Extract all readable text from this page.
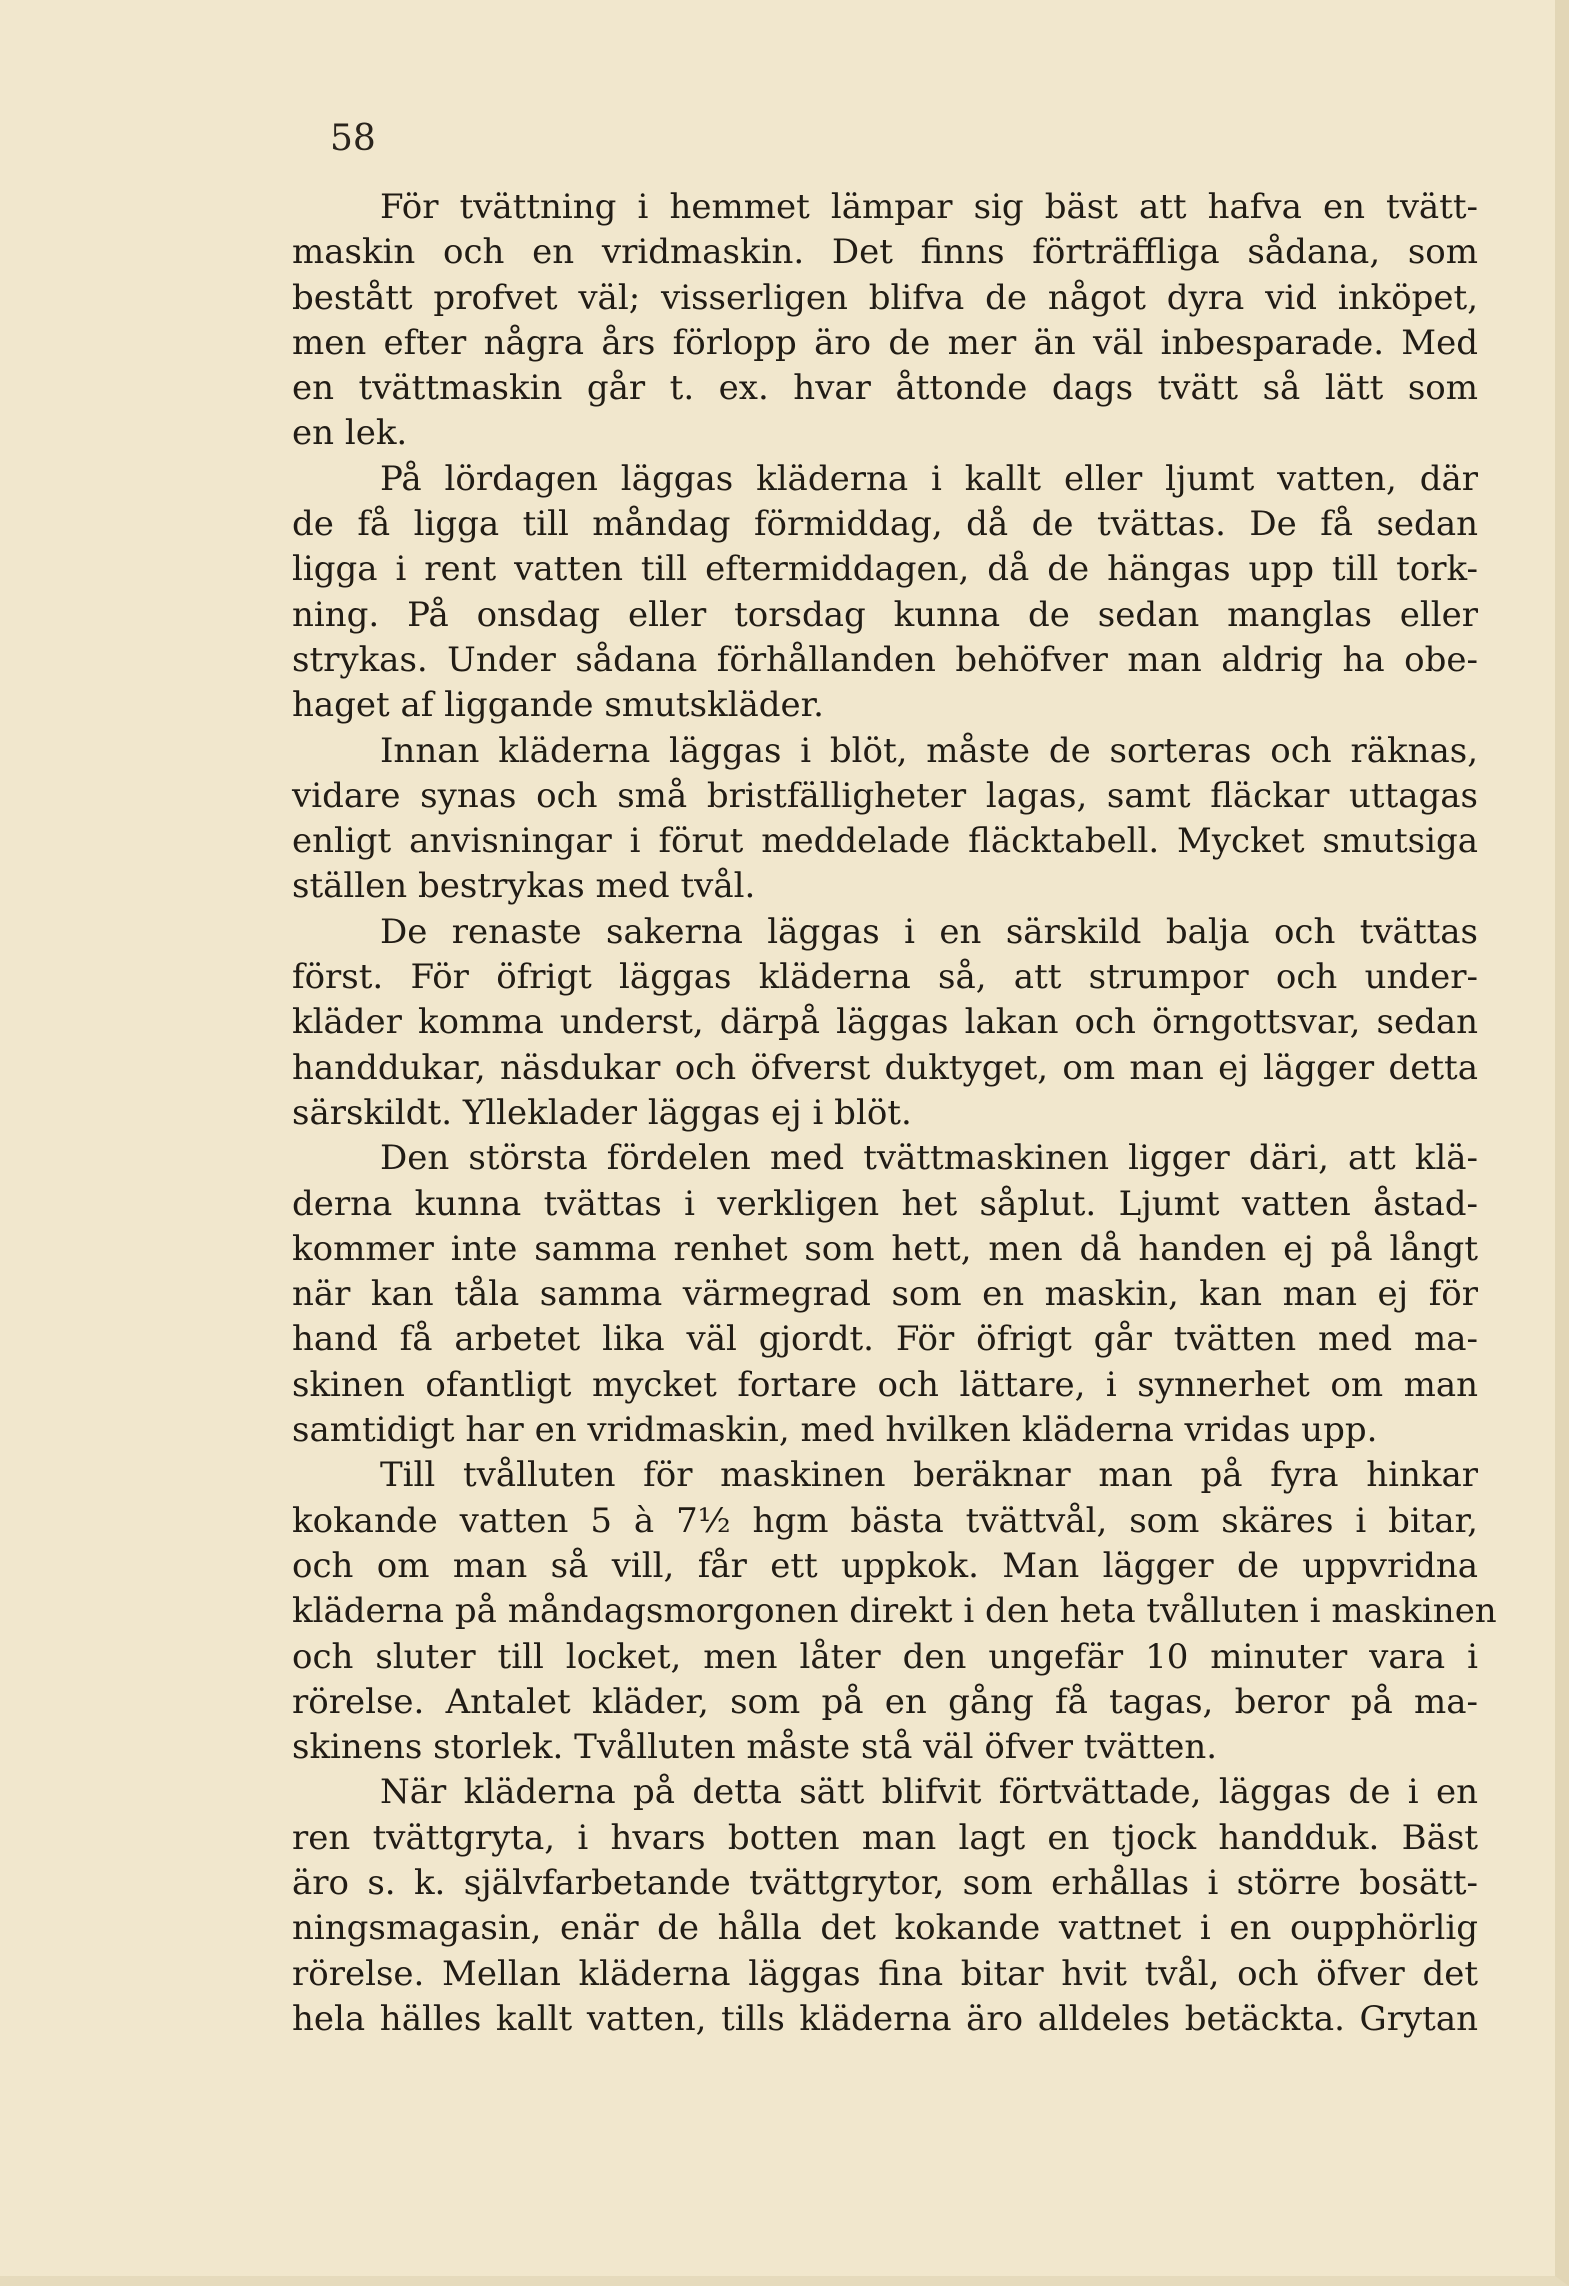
58

För tvättning i hemmet lämpar sig bäst att hafva en tvätt-
maskin och en vridmaskin. Det finns förträffliga sådana, som
bestått profvet väl; visserligen blifva de något dyra vid inköpet,
men efter några års förlopp äro de mer än väl inbesparade. Med
en tvättmaskin går t. ex. hvar åttonde dags tvätt så lätt som
en lek.

På lördagen läggas kläderna i kallt eller ljumt vatten, där
de få ligga till måndag förmiddag, då de tvättas. De få sedan
ligga i rent vatten till eftermiddagen, då de hängas upp till tork-
ning. På onsdag eller torsdag kunna de sedan manglas eller
strykas. Under sådana förhållanden behöfver man aldrig ha obe-
haget af liggande smutskläder.

Innan kläderna läggas i blöt, måste de sorteras och räknas,
vidare synas och små bristfälligheter lagas, samt fläckar uttagas
enligt anvisningar i förut meddelade fläcktabell. Mycket smutsiga
ställen bestrykas med tvål.

De renaste sakerna läggas i en särskild balja och tvättas
först. För öfrigt läggas kläderna så, att strumpor och under-
kläder komma underst, därpå läggas lakan och örngottsvar, sedan
handdukar, näsdukar och öfverst duktyget, om man ej lägger detta
särskildt. Ylleklader läggas ej i blöt.

Den största fördelen med tvättmaskinen ligger däri, att klä-
derna kunna tvättas i verkligen het såplut. Ljumt vatten åstad-
kommer inte samma renhet som hett, men då handen ej på långt
när kan tåla samma värmegrad som en maskin, kan man ej för
hand få arbetet lika väl gjordt. För öfrigt går tvätten med ma-
skinen ofantligt mycket fortare och lättare, i synnerhet om man
samtidigt har en vridmaskin, med hvilken kläderna vridas upp.

Till tvålluten för maskinen beräknar man på fyra hinkar
kokande vatten 5 à 7½ hgm bästa tvättvål, som skäres i bitar,
och om man så vill, får ett uppkok. Man lägger de uppvridna
kläderna på måndagsmorgonen direkt i den heta tvålluten i maskinen
och sluter till locket, men låter den ungefär 10 minuter vara i
rörelse. Antalet kläder, som på en gång få tagas, beror på ma-
skinens storlek. Tvålluten måste stå väl öfver tvätten.

När kläderna på detta sätt blifvit förtvättade, läggas de i en
ren tvättgryta, i hvars botten man lagt en tjock handduk. Bäst
äro s. k. självfarbetande tvättgrytor, som erhållas i större bosätt-
ningsmagasin, enär de hålla det kokande vattnet i en oupphörlig
rörelse. Mellan kläderna läggas fina bitar hvit tvål, och öfver det
hela hälles kallt vatten, tills kläderna äro alldeles betäckta. Grytan
